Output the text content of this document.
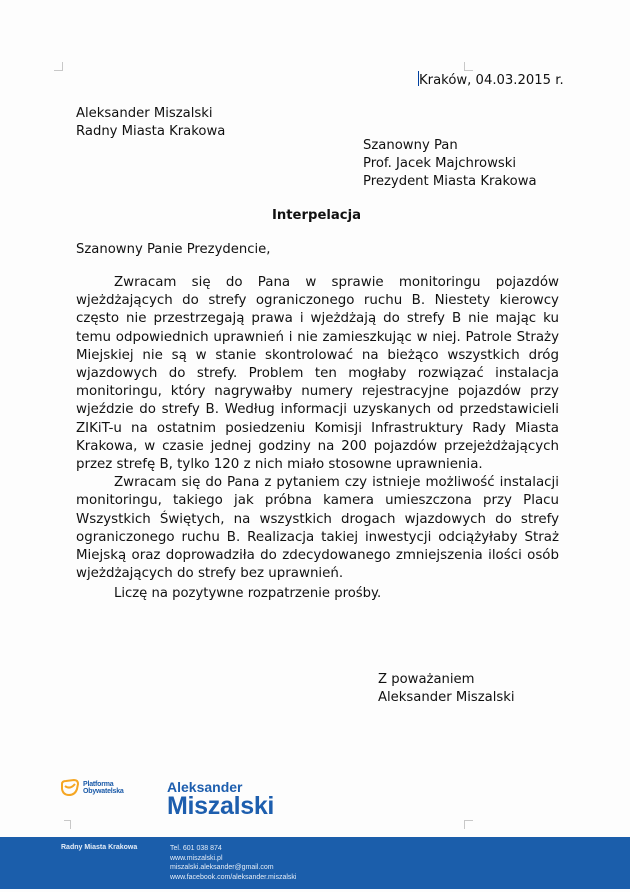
Kraków, 04.03.2015 r.
Aleksander Miszalski
Radny Miasta Krakowa
Szanowny Pan
Prof. Jacek Majchrowski
Prezydent Miasta Krakowa
Interpelacja
Szanowny Panie Prezydencie,

Zwracam się do Pana w sprawie monitoringu pojazdów wjeżdżających do strefy ograniczonego ruchu B. Niestety kierowcy często nie przestrzegają prawa i wjeżdżają do strefy B nie mając ku temu odpowiednich uprawnień i nie zamieszkując w niej. Patrole Straży Miejskiej nie są w stanie skontrolować na bieżąco wszystkich dróg wjazdowych do strefy. Problem ten mogłaby rozwiązać instalacja monitoringu, który nagrywałby numery rejestracyjne pojazdów przy wjeździe do strefy B. Według informacji uzyskanych od przedstawicieli ZIKiT-u na ostatnim posiedzeniu Komisji Infrastruktury Rady Miasta Krakowa, w czasie jednej godziny na 200 pojazdów przejeżdżających przez strefę B, tylko 120 z nich miało stosowne uprawnienia.

Zwracam się do Pana z pytaniem czy istnieje możliwość instalacji monitoringu, takiego jak próbna kamera umieszczona przy Placu Wszystkich Świętych, na wszystkich drogach wjazdowych do strefy ograniczonego ruchu B. Realizacja takiej inwestycji odciążyłaby Straż Miejską oraz doprowadziła do zdecydowanego zmniejszenia ilości osób wjeżdżających do strefy bez uprawnień.

Liczę na pozytywne rozpatrzenie prośby.
Z poważaniem
Aleksander Miszalski
Platforma
Obywatelska	Aleksander
Miszalski
Radny Miasta Krakowa	Tel. 601 038 874
www.miszalski.pl
miszalski.aleksander@gmail.com
www.facebook.com/aleksander.miszalski
